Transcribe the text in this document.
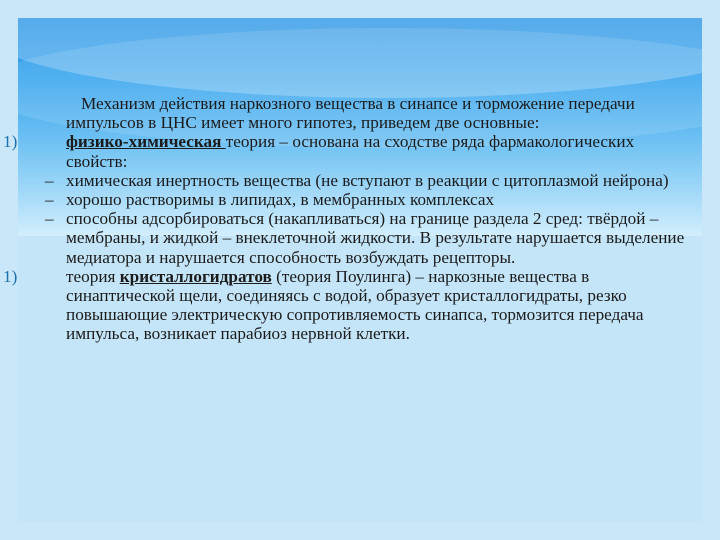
Механизм действия наркозного вещества в синапсе и торможение передачи импульсов в ЦНС имеет много гипотез, приведем две основные:
1)	физико-химическая теория – основана на сходстве ряда фармакологических свойств:
– химическая инертность вещества (не вступают в реакции с цитоплазмой нейрона)
– хорошо растворимы в липидах, в мембранных комплексах
– способны адсорбироваться (накапливаться) на границе раздела 2 сред: твёрдой – мембраны, и жидкой – внеклеточной жидкости. В результате нарушается выделение медиатора и нарушается способность возбуждать рецепторы.
1)	теория кристаллогидратов (теория Поулинга) – наркозные вещества в синаптической щели, соединяясь с водой, образует кристаллогидраты, резко повышающие электрическую сопротивляемость синапса, тормозится передача импульса, возникает парабиоз нервной клетки.
